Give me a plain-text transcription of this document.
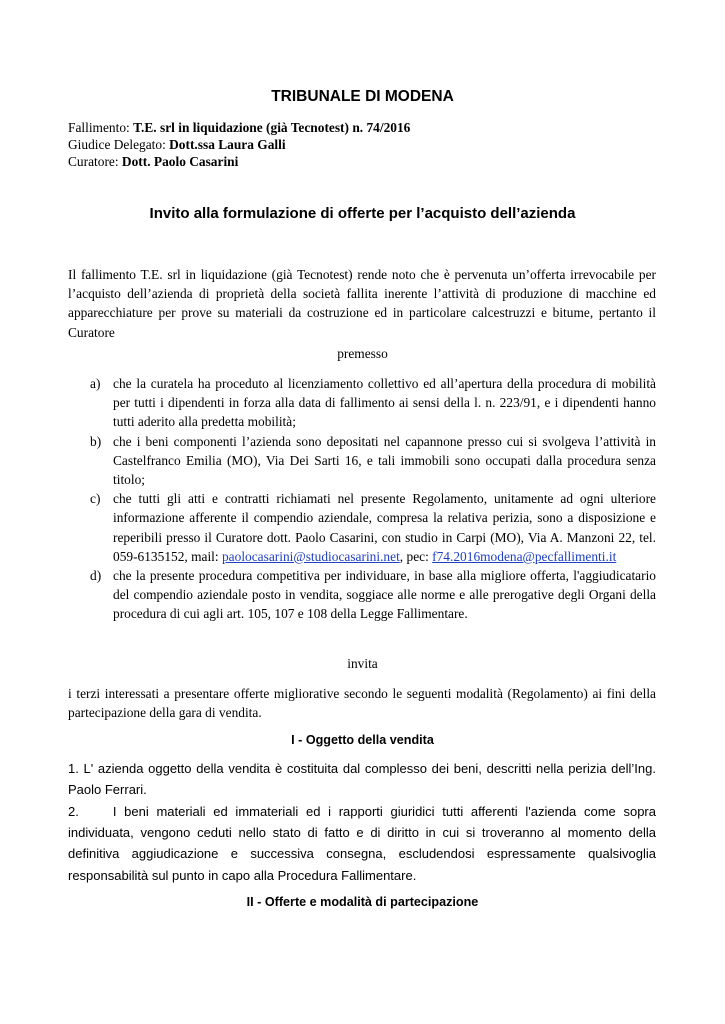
TRIBUNALE DI MODENA
Fallimento: T.E. srl in liquidazione (già Tecnotest) n. 74/2016
Giudice Delegato: Dott.ssa Laura Galli
Curatore: Dott. Paolo Casarini
Invito alla formulazione di offerte per l’acquisto dell’azienda
Il fallimento T.E. srl in liquidazione (già Tecnotest) rende noto che è pervenuta un’offerta irrevocabile per l’acquisto dell’azienda di proprietà della società fallita inerente l’attività di produzione di macchine ed apparecchiature per prove su materiali da costruzione ed in particolare calcestruzzi e bitume, pertanto il Curatore
premesso
a) che la curatela ha proceduto al licenziamento collettivo ed all’apertura della procedura di mobilità per tutti i dipendenti in forza alla data di fallimento ai sensi della l. n. 223/91, e i dipendenti hanno tutti aderito alla predetta mobilità;
b) che i beni componenti l’azienda sono depositati nel capannone presso cui si svolgeva l’attività in Castelfranco Emilia (MO), Via Dei Sarti 16, e tali immobili sono occupati dalla procedura senza titolo;
c) che tutti gli atti e contratti richiamati nel presente Regolamento, unitamente ad ogni ulteriore informazione afferente il compendio aziendale, compresa la relativa perizia, sono a disposizione e reperibili presso il Curatore dott. Paolo Casarini, con studio in Carpi (MO), Via A. Manzoni 22, tel. 059-6135152, mail: paolocasarini@studiocasarini.net, pec: f74.2016modena@pecfallimenti.it
d) che la presente procedura competitiva per individuare, in base alla migliore offerta, l'aggiudicatario del compendio aziendale posto in vendita, soggiace alle norme e alle prerogative degli Organi della procedura di cui agli art. 105, 107 e 108 della Legge Fallimentare.
invita
i terzi interessati a presentare offerte migliorative secondo le seguenti modalità (Regolamento) ai fini della partecipazione della gara di vendita.
I - Oggetto della vendita
1. L' azienda oggetto della vendita è costituita dal complesso dei beni, descritti nella perizia dell’Ing. Paolo Ferrari.
2.	I beni materiali ed immateriali ed i rapporti giuridici tutti afferenti l'azienda come sopra individuata, vengono ceduti nello stato di fatto e di diritto in cui si troveranno al momento della definitiva aggiudicazione e successiva consegna, escludendosi espressamente qualsivoglia responsabilità sul punto in capo alla Procedura Fallimentare.
II - Offerte e modalità di partecipazione
